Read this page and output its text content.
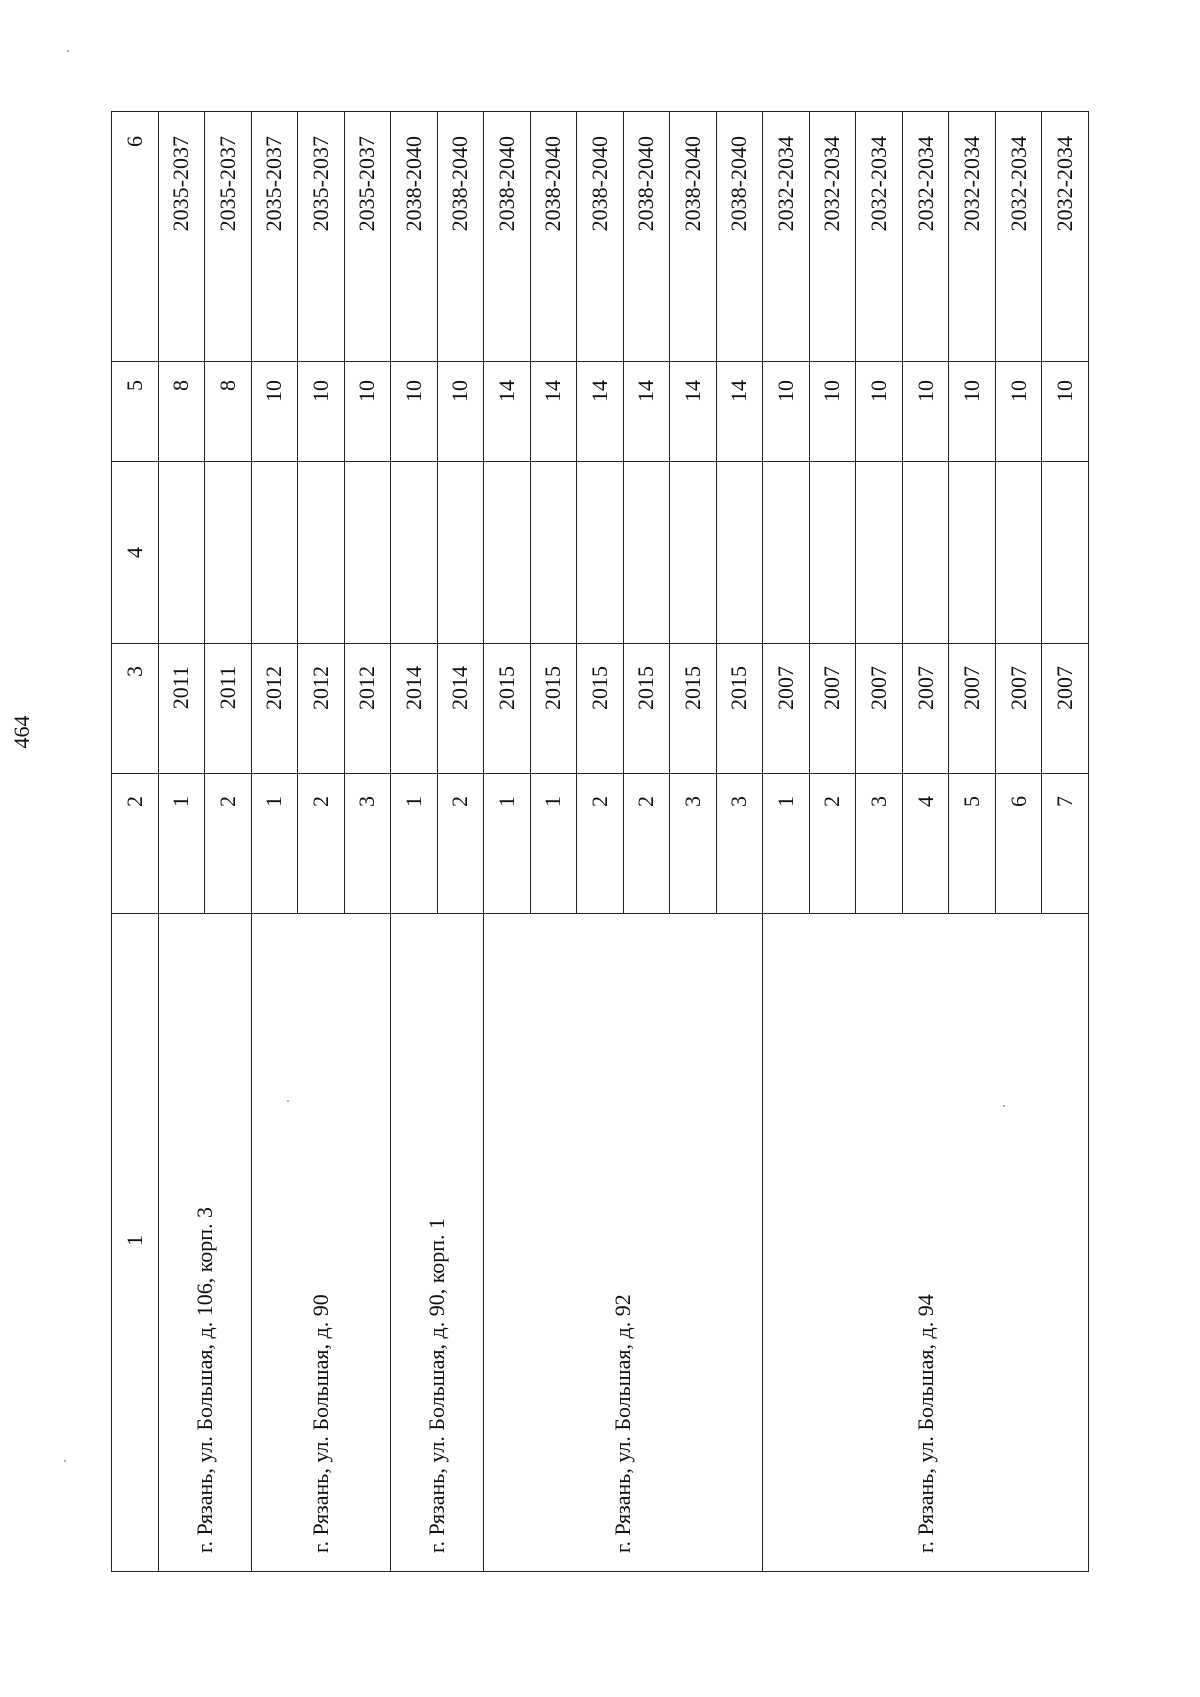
464
1	2	3	4	5	6
г. Рязань, ул. Большая, д. 106, корп. 3	1	2011		8	2035-2037
	2	2011		8	2035-2037
г. Рязань, ул. Большая, д. 90	1	2012		10	2035-2037
	2	2012		10	2035-2037
	3	2012		10	2035-2037
г. Рязань, ул. Большая, д. 90, корп. 1	1	2014		10	2038-2040
	2	2014		10	2038-2040
г. Рязань, ул. Большая, д. 92	1	2015		14	2038-2040
	1	2015		14	2038-2040
	2	2015		14	2038-2040
	2	2015		14	2038-2040
	3	2015		14	2038-2040
	3	2015		14	2038-2040
г. Рязань, ул. Большая, д. 94	1	2007		10	2032-2034
	2	2007		10	2032-2034
	3	2007		10	2032-2034
	4	2007		10	2032-2034
	5	2007		10	2032-2034
	6	2007		10	2032-2034
	7	2007		10	2032-2034
